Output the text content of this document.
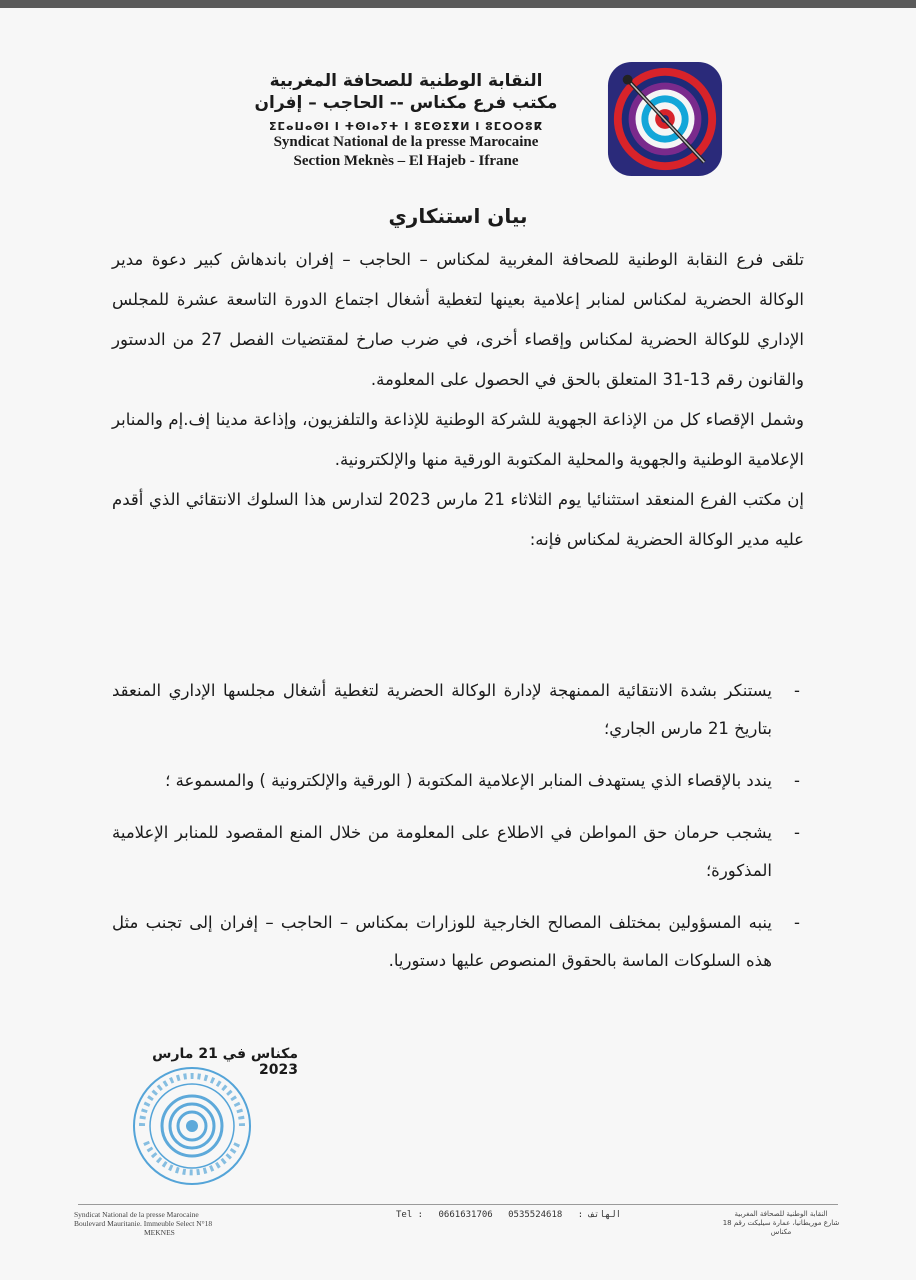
النقابة الوطنية للصحافة المغربية
مكتب فرع مكناس -- الحاجب – إفران
ⵉⵎⴰⵡⴰⵙⵏ ⵏ ⵜⵙⵏⴰⵢⵜ ⵏ ⵓⵎⵙⵉⴳⵍ ⵏ ⵓⵎⵔⵔⵓⴽ
Syndicat National de la presse Marocaine
Section Meknès – El Hajeb - Ifrane
بيان استنكاري

تلقى فرع النقابة الوطنية للصحافة المغربية لمكناس – الحاجب – إفران باندهاش كبير دعوة مدير الوكالة الحضرية لمكناس لمنابر إعلامية بعينها لتغطية أشغال اجتماع الدورة التاسعة عشرة للمجلس الإداري للوكالة الحضرية لمكناس وإقصاء أخرى، في ضرب صارخ لمقتضيات الفصل 27 من الدستور والقانون رقم 13-31 المتعلق بالحق في الحصول على المعلومة.

وشمل الإقصاء كل من الإذاعة الجهوية للشركة الوطنية للإذاعة والتلفزيون، وإذاعة مدينا إف.إم والمنابر الإعلامية الوطنية والجهوية والمحلية المكتوبة الورقية منها والإلكترونية.

إن مكتب الفرع المنعقد استثنائيا يوم الثلاثاء 21 مارس 2023 لتدارس هذا السلوك الانتقائي الذي أقدم عليه مدير الوكالة الحضرية لمكناس فإنه:

-
يستنكر بشدة الانتقائية الممنهجة لإدارة الوكالة الحضرية لتغطية أشغال مجلسها الإداري المنعقد بتاريخ 21 مارس الجاري؛
-
يندد بالإقصاء الذي يستهدف المنابر الإعلامية المكتوبة ( الورقية والإلكترونية ) والمسموعة ؛
-
يشجب حرمان حق المواطن في الاطلاع على المعلومة من خلال المنع المقصود للمنابر الإعلامية المذكورة؛
-
ينبه المسؤولين بمختلف المصالح الخارجية للوزارات بمكناس – الحاجب – إفران إلى تجنب مثل هذه السلوكات الماسة بالحقوق المنصوص عليها دستوريا.
مكناس في 21 مارس 2023
Syndicat National de la presse Marocaine
Boulevard Mauritanie. Immeuble Select N°18
MEKNES
Tel : 0661631706 0535524618 : الهاتف	النقابة الوطنية للصحافة المغربية
شارع موريطانيا، عمارة سيليكت رقم 18
مكناس
